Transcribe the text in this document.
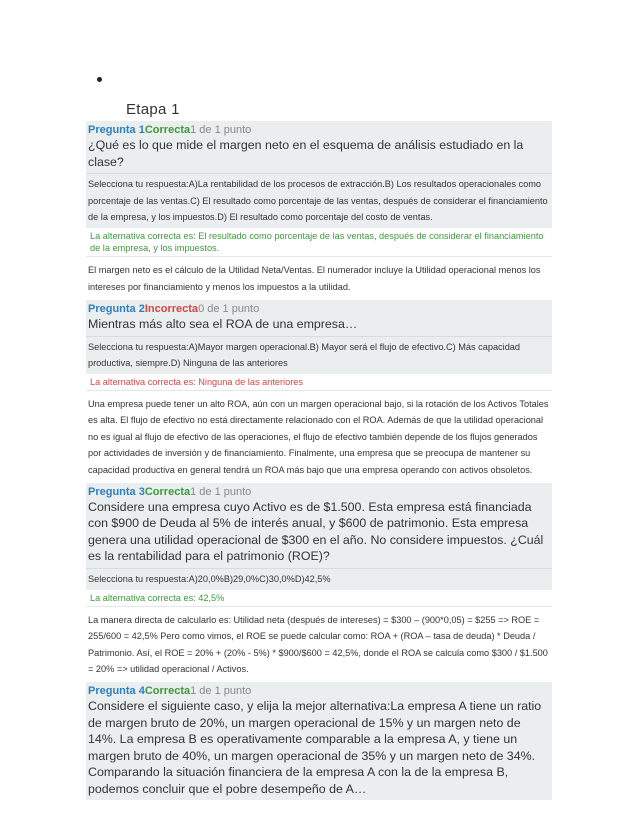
Etapa 1
Pregunta 1Correcta1 de 1 punto
¿Qué es lo que mide el margen neto en el esquema de análisis estudiado en la clase?
Selecciona tu respuesta:A)La rentabilidad de los procesos de extracción.B) Los resultados operacionales como porcentaje de las ventas.C) El resultado como porcentaje de las ventas, después de considerar el financiamiento de la empresa, y los impuestos.D) El resultado como porcentaje del costo de ventas.
La alternativa correcta es: El resultado como porcentaje de las ventas, después de considerar el financiamiento de la empresa, y los impuestos.
El margen neto es el cálculo de la Utilidad Neta/Ventas. El numerador incluye la Utilidad operacional menos los intereses por financiamiento y menos los impuestos a la utilidad.
Pregunta 2Incorrecta0 de 1 punto
Mientras más alto sea el ROA de una empresa…
Selecciona tu respuesta:A)Mayor margen operacional.B) Mayor será el flujo de efectivo.C) Más capacidad productiva, siempre.D) Ninguna de las anteriores
La alternativa correcta es: Ninguna de las anteriores
Una empresa puede tener un alto ROA, aún con un margen operacional bajo, si la rotación de los Activos Totales es alta. El flujo de efectivo no está directamente relacionado con el ROA. Además de que la utilidad operacional no es igual al flujo de efectivo de las operaciones, el flujo de efectivo también depende de los flujos generados por actividades de inversión y de financiamiento. Finalmente, una empresa que se preocupa de mantener su capacidad productiva en general tendrá un ROA más bajo que una empresa operando con activos obsoletos.
Pregunta 3Correcta1 de 1 punto
Considere una empresa cuyo Activo es de $1.500. Esta empresa está financiada con $900 de Deuda al 5% de interés anual, y $600 de patrimonio. Esta empresa genera una utilidad operacional de $300 en el año. No considere impuestos. ¿Cuál es la rentabilidad para el patrimonio (ROE)?
Selecciona tu respuesta:A)20,0%B)29,0%C)30,0%D)42,5%
La alternativa correcta es: 42,5%
La manera directa de calcularlo es: Utilidad neta (después de intereses) = $300 – (900*0,05) = $255 => ROE = 255/600 = 42,5% Pero como vimos, el ROE se puede calcular como: ROA + (ROA – tasa de deuda) * Deuda / Patrimonio. Así, el ROE = 20% + (20% - 5%) * $900/$600 = 42,5%, donde el ROA se calcula como $300 / $1.500 = 20% => utilidad operacional / Activos.
Pregunta 4Correcta1 de 1 punto
Considere el siguiente caso, y elija la mejor alternativa:La empresa A tiene un ratio de margen bruto de 20%, un margen operacional de 15% y un margen neto de 14%. La empresa B es operativamente comparable a la empresa A, y tiene un margen bruto de 40%, un margen operacional de 35% y un margen neto de 34%. Comparando la situación financiera de la empresa A con la de la empresa B, podemos concluir que el pobre desempeño de A…
